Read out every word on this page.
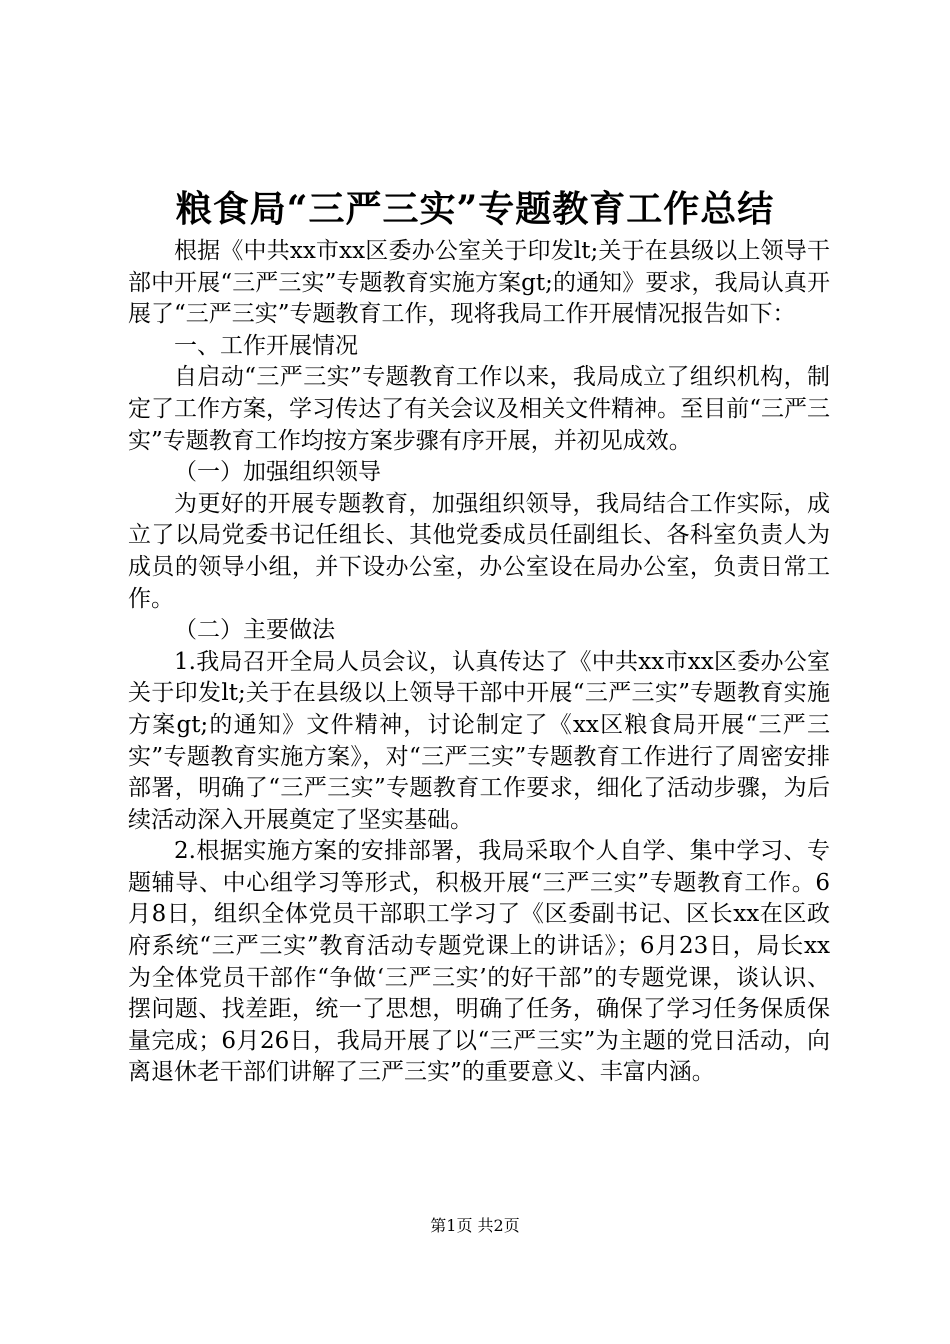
粮食局“三严三实”专题教育工作总结

根据《中共xx市xx区委办公室关于印发lt;关于在县级以上领导干部中开展“三严三实”专题教育实施方案gt;的通知》要求，我局认真开展了“三严三实”专题教育工作，现将我局工作开展情况报告如下：

一、工作开展情况

自启动“三严三实”专题教育工作以来，我局成立了组织机构，制定了工作方案，学习传达了有关会议及相关文件精神。至目前“三严三实”专题教育工作均按方案步骤有序开展，并初见成效。

（一）加强组织领导

为更好的开展专题教育，加强组织领导，我局结合工作实际，成立了以局党委书记任组长、其他党委成员任副组长、各科室负责人为成员的领导小组，并下设办公室，办公室设在局办公室，负责日常工作。

（二）主要做法

1.我局召开全局人员会议，认真传达了《中共xx市xx区委办公室关于印发lt;关于在县级以上领导干部中开展“三严三实”专题教育实施方案gt;的通知》文件精神，讨论制定了《xx区粮食局开展“三严三实”专题教育实施方案》，对“三严三实”专题教育工作进行了周密安排部署，明确了“三严三实”专题教育工作要求，细化了活动步骤，为后续活动深入开展奠定了坚实基础。

2.根据实施方案的安排部署，我局采取个人自学、集中学习、专题辅导、中心组学习等形式，积极开展“三严三实”专题教育工作。6月8日，组织全体党员干部职工学习了《区委副书记、区长xx在区政府系统“三严三实”教育活动专题党课上的讲话》；6月23日，局长xx为全体党员干部作“争做‘三严三实’的好干部”的专题党课，谈认识、摆问题、找差距，统一了思想，明确了任务，确保了学习任务保质保量完成；6月26日，我局开展了以“三严三实”为主题的党日活动，向离退休老干部们讲解了三严三实”的重要意义、丰富内涵。

第1页 共2页
